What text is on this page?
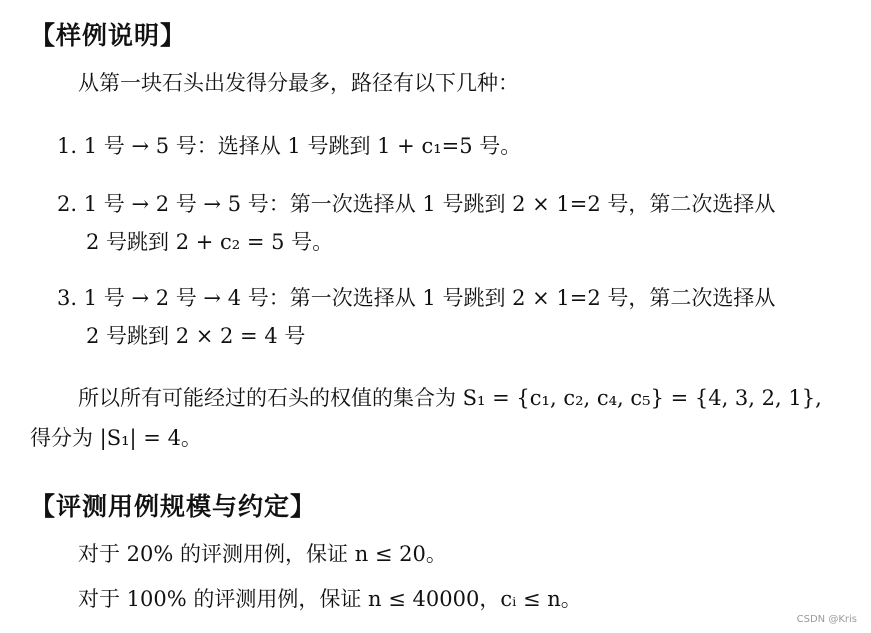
【样例说明】
从第一块石头出发得分最多，路径有以下几种：
1. 1 号 → 5 号：选择从 1 号跳到 1 + c₁=5 号。
2. 1 号 → 2 号 → 5 号：第一次选择从 1 号跳到 2 × 1=2 号，第二次选择从
2 号跳到 2 + c₂ = 5 号。
3. 1 号 → 2 号 → 4 号：第一次选择从 1 号跳到 2 × 1=2 号，第二次选择从
2 号跳到 2 × 2 = 4 号
所以所有可能经过的石头的权值的集合为 S₁ = {c₁, c₂, c₄, c₅} = {4, 3, 2, 1},
得分为 |S₁| = 4。
【评测用例规模与约定】
对于 20% 的评测用例，保证 n ≤ 20。
对于 100% 的评测用例，保证 n ≤ 40000，cᵢ ≤ n。
CSDN @Kris
